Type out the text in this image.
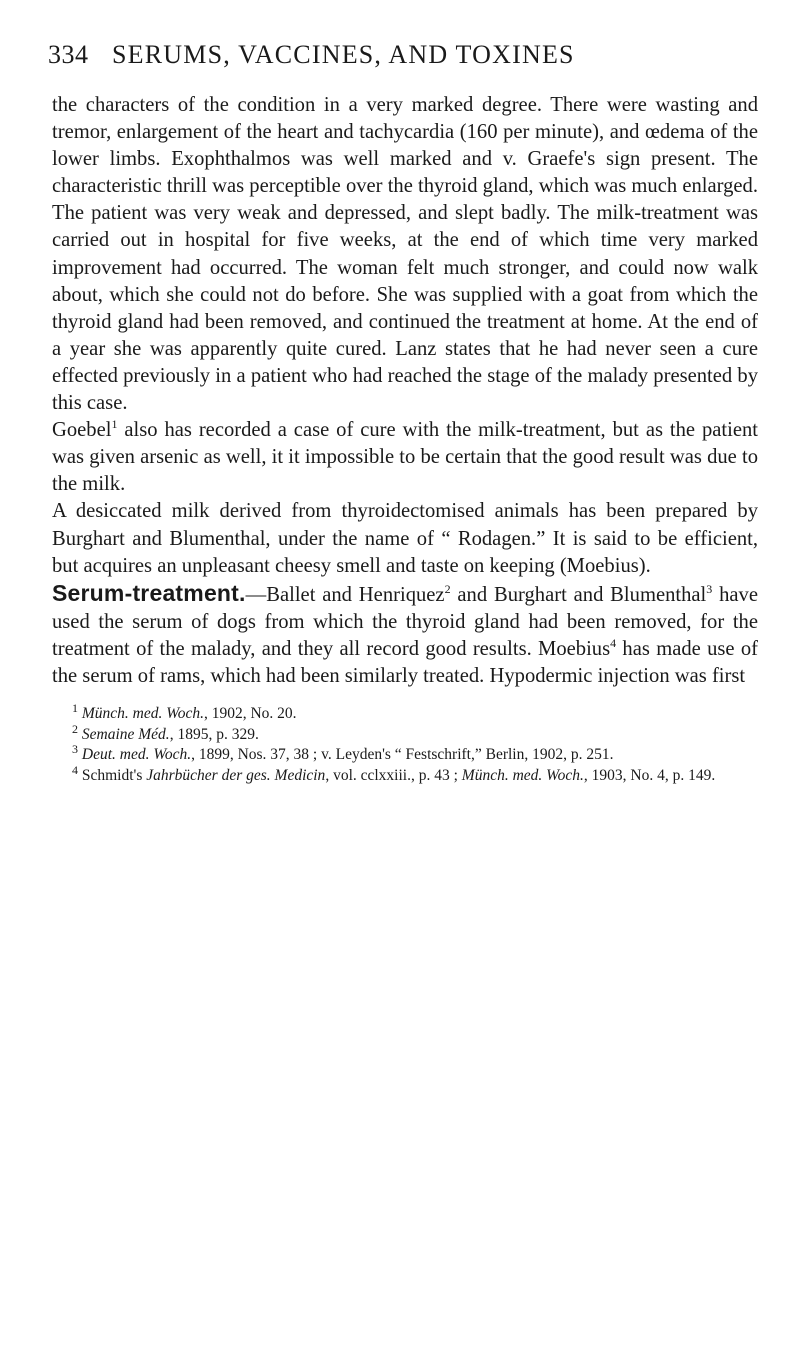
334 SERUMS, VACCINES, AND TOXINES

the characters of the condition in a very marked degree. There were wasting and tremor, enlargement of the heart and tachycardia (160 per minute), and œdema of the lower limbs. Exophthalmos was well marked and v. Graefe's sign present. The characteristic thrill was perceptible over the thyroid gland, which was much enlarged. The patient was very weak and depressed, and slept badly. The milk-treatment was carried out in hospital for five weeks, at the end of which time very marked improvement had occurred. The woman felt much stronger, and could now walk about, which she could not do before. She was supplied with a goat from which the thyroid gland had been removed, and continued the treatment at home. At the end of a year she was apparently quite cured. Lanz states that he had never seen a cure effected previously in a patient who had reached the stage of the malady presented by this case.

Goebel$^1$ also has recorded a case of cure with the milk-treatment, but as the patient was given arsenic as well, it it impossible to be certain that the good result was due to the milk.

A desiccated milk derived from thyroidectomised animals has been prepared by Burghart and Blumenthal, under the name of “ Rodagen.” It is said to be efficient, but acquires an unpleasant cheesy smell and taste on keeping (Moebius).

Serum-treatment.—Ballet and Henriquez$^2$ and Burghart and Blumenthal$^3$ have used the serum of dogs from which the thyroid gland had been removed, for the treatment of the malady, and they all record good results. Moebius$^4$ has made use of the serum of rams, which had been similarly treated. Hypodermic injection was first

$^1$ Münch. med. Woch., 1902, No. 20.
$^2$ Semaine Méd., 1895, p. 329.
$^3$ Deut. med. Woch., 1899, Nos. 37, 38 ; v. Leyden's “ Festschrift,” Berlin, 1902, p. 251.
$^4$ Schmidt's Jahrbücher der ges. Medicin, vol. cclxxiii., p. 43 ; Münch. med. Woch., 1903, No. 4, p. 149.
